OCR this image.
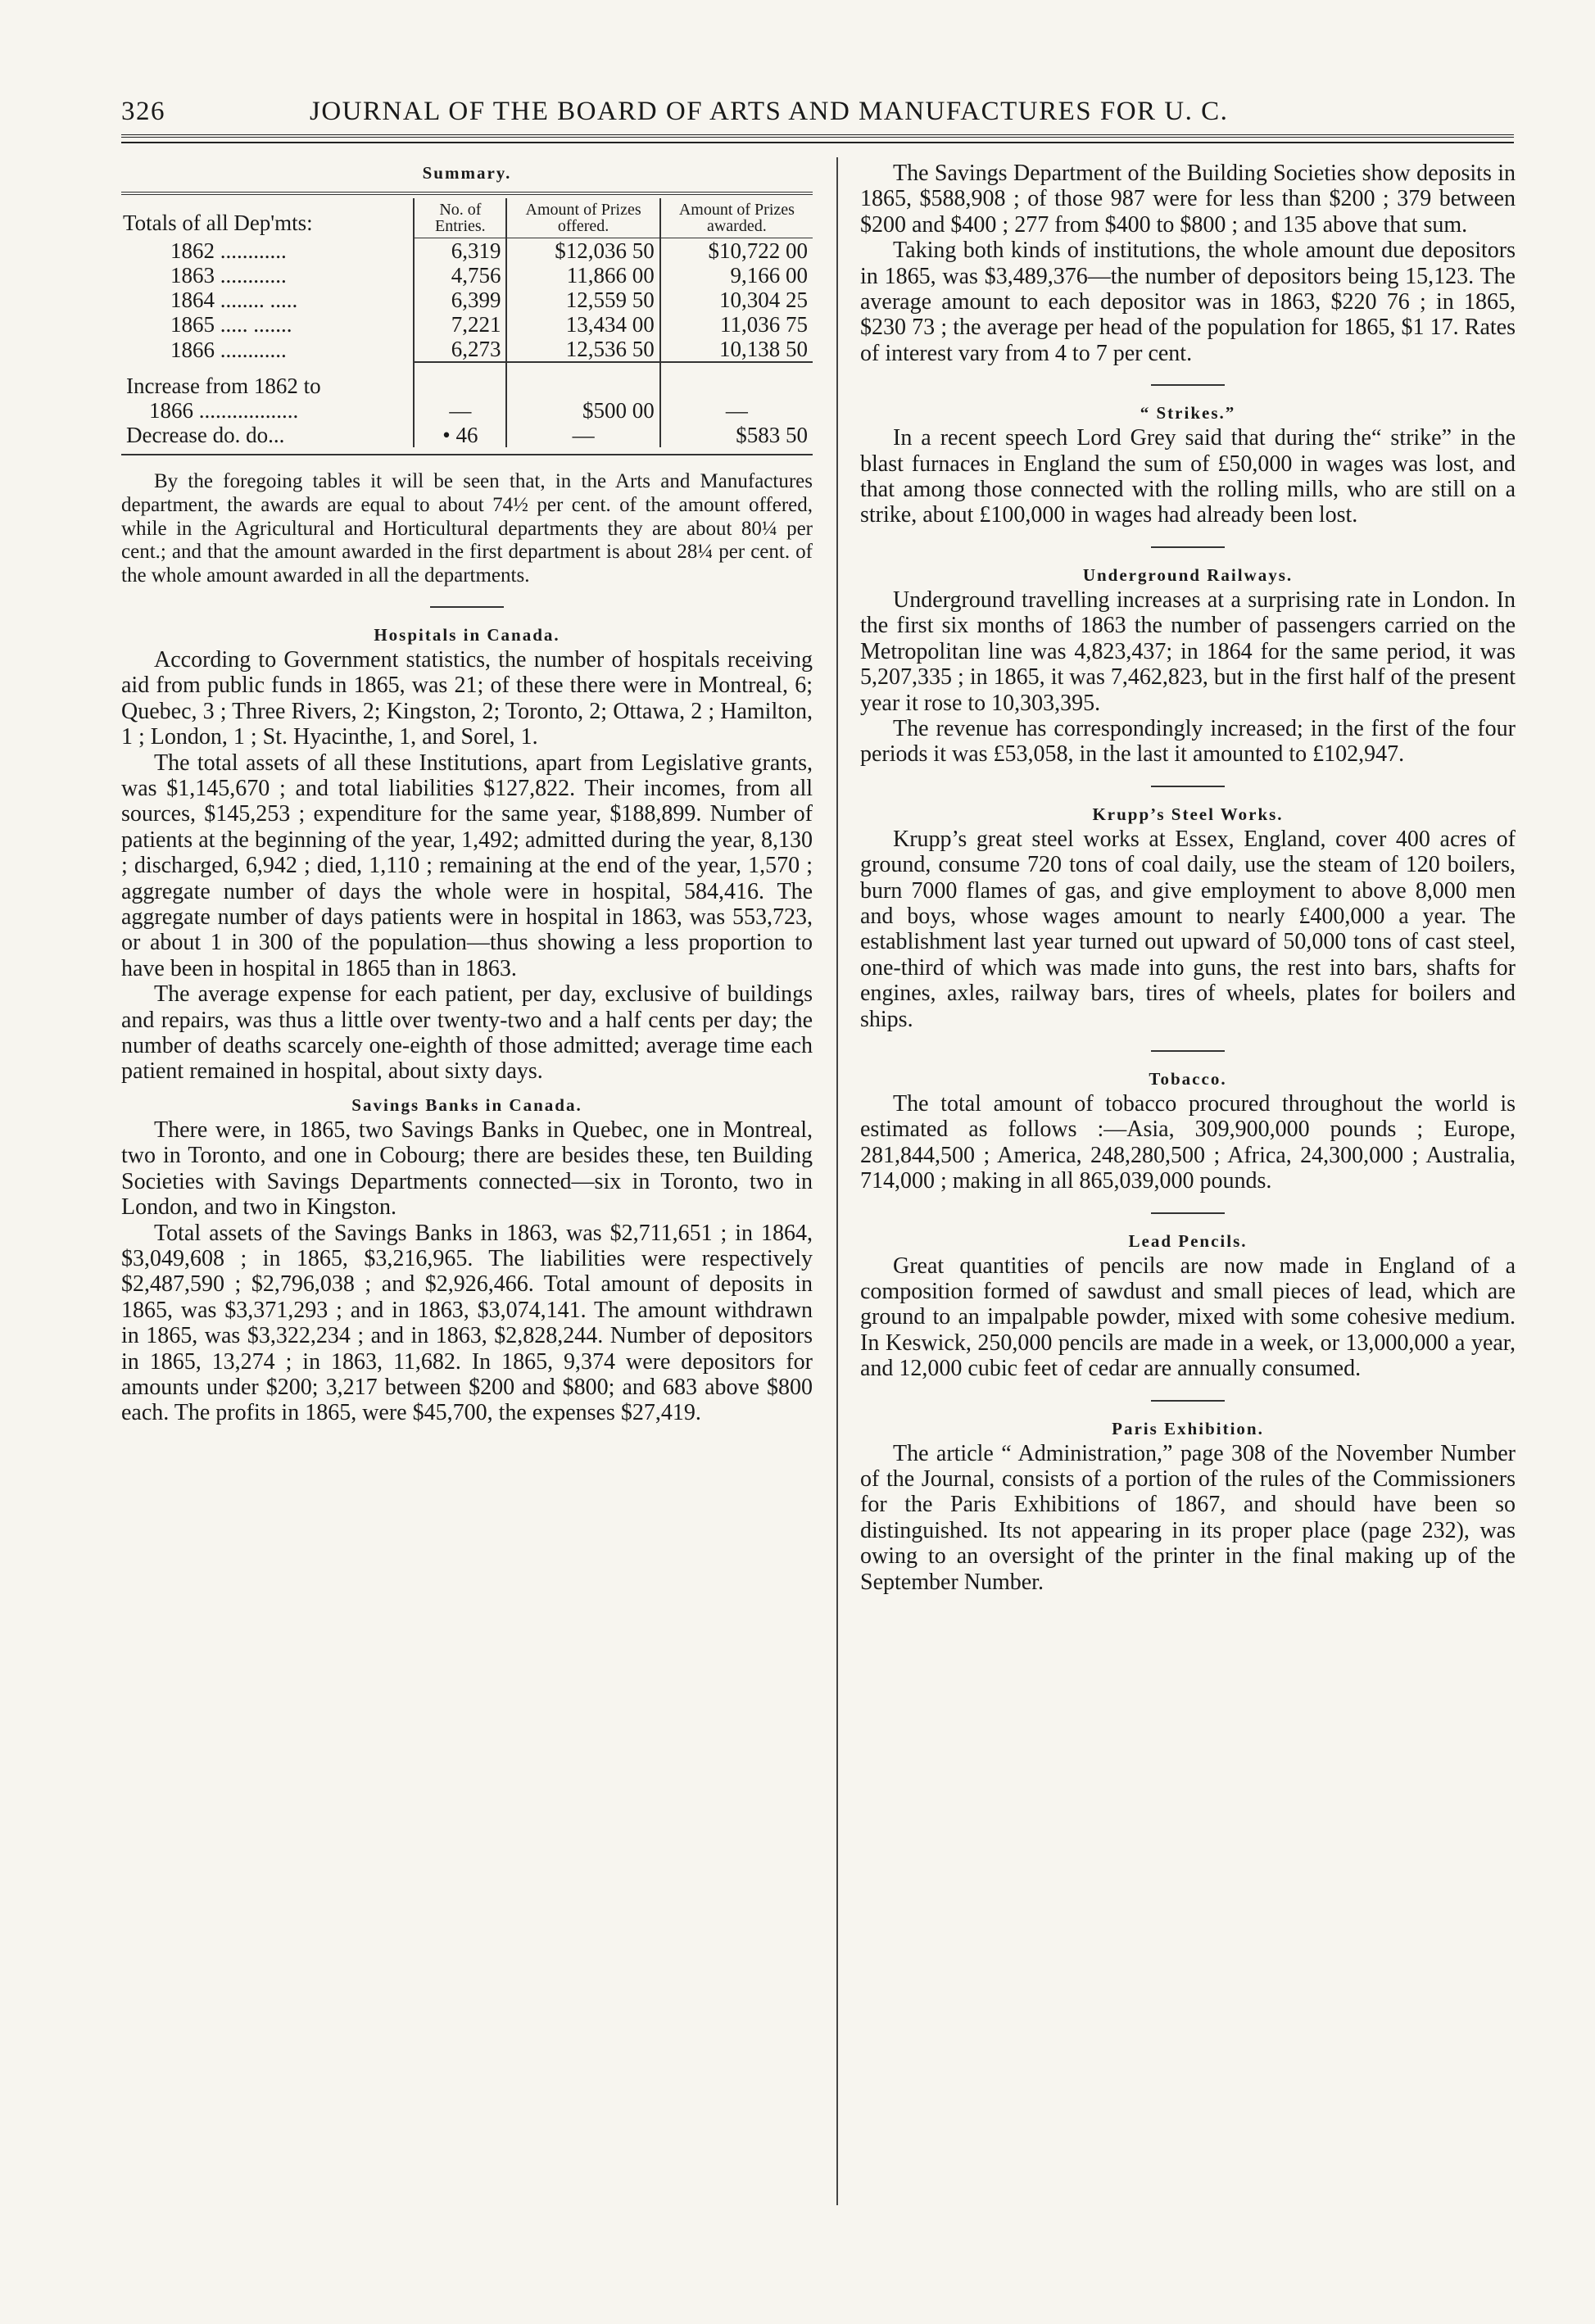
326	JOURNAL OF THE BOARD OF ARTS AND MANUFACTURES FOR U. C.
Summary.
Totals of all Dep'mts:	No. of Entries.	Amount of Prizes offered.	Amount of Prizes awarded.
1862 ............	6,319	$12,036 50	$10,722 00
1863 ............	4,756	11,866 00	9,166 00
1864 ........ .....	6,399	12,559 50	10,304 25
1865 ..... .......	7,221	13,434 00	11,036 75
1866 ............	6,273	12,536 50	10,138 50

Increase from 1862 to			
1866 ..................	—	$500 00	—
Decrease do. do...	• 46	—	$583 50

By the foregoing tables it will be seen that, in the Arts and Manufactures department, the awards are equal to about 74½ per cent. of the amount offered, while in the Agricultural and Horticultural departments they are about 80¼ per cent.; and that the amount awarded in the first department is about 28¼ per cent. of the whole amount awarded in all the departments.

Hospitals in Canada.

According to Government statistics, the number of hospitals receiving aid from public funds in 1865, was 21; of these there were in Montreal, 6; Quebec, 3 ; Three Rivers, 2; Kingston, 2; Toronto, 2; Ottawa, 2 ; Hamilton, 1 ; London, 1 ; St. Hyacinthe, 1, and Sorel, 1.

The total assets of all these Institutions, apart from Legislative grants, was $1,145,670 ; and total liabilities $127,822. Their incomes, from all sources, $145,253 ; expenditure for the same year, $188,899. Number of patients at the beginning of the year, 1,492; admitted during the year, 8,130 ; discharged, 6,942 ; died, 1,110 ; remaining at the end of the year, 1,570 ; aggregate number of days the whole were in hospital, 584,416. The aggregate number of days patients were in hospital in 1863, was 553,723, or about 1 in 300 of the population—thus showing a less proportion to have been in hospital in 1865 than in 1863.

The average expense for each patient, per day, exclusive of buildings and repairs, was thus a little over twenty-two and a half cents per day; the number of deaths scarcely one-eighth of those admitted; average time each patient remained in hospital, about sixty days.

Savings Banks in Canada.

There were, in 1865, two Savings Banks in Quebec, one in Montreal, two in Toronto, and one in Cobourg; there are besides these, ten Building Societies with Savings Departments connected—six in Toronto, two in London, and two in Kingston.

Total assets of the Savings Banks in 1863, was $2,711,651 ; in 1864, $3,049,608 ; in 1865, $3,216,965. The liabilities were respectively $2,487,590 ; $2,796,038 ; and $2,926,466. Total amount of deposits in 1865, was $3,371,293 ; and in 1863, $3,074,141. The amount withdrawn in 1865, was $3,322,234 ; and in 1863, $2,828,244. Number of depositors in 1865, 13,274 ; in 1863, 11,682. In 1865, 9,374 were depositors for amounts under $200; 3,217 between $200 and $800; and 683 above $800 each. The profits in 1865, were $45,700, the expenses $27,419.

The Savings Department of the Building Societies show deposits in 1865, $588,908 ; of those 987 were for less than $200 ; 379 between $200 and $400 ; 277 from $400 to $800 ; and 135 above that sum.

Taking both kinds of institutions, the whole amount due depositors in 1865, was $3,489,376—the number of depositors being 15,123. The average amount to each depositor was in 1863, $220 76 ; in 1865, $230 73 ; the average per head of the population for 1865, $1 17. Rates of interest vary from 4 to 7 per cent.

“ Strikes.”

In a recent speech Lord Grey said that during the“ strike” in the blast furnaces in England the sum of £50,000 in wages was lost, and that among those connected with the rolling mills, who are still on a strike, about £100,000 in wages had already been lost.

Underground Railways.

Underground travelling increases at a surprising rate in London. In the first six months of 1863 the number of passengers carried on the Metropolitan line was 4,823,437; in 1864 for the same period, it was 5,207,335 ; in 1865, it was 7,462,823, but in the first half of the present year it rose to 10,303,395.

The revenue has correspondingly increased; in the first of the four periods it was £53,058, in the last it amounted to £102,947.

Krupp’s Steel Works.

Krupp’s great steel works at Essex, England, cover 400 acres of ground, consume 720 tons of coal daily, use the steam of 120 boilers, burn 7000 flames of gas, and give employment to above 8,000 men and boys, whose wages amount to nearly £400,000 a year. The establishment last year turned out upward of 50,000 tons of cast steel, one-third of which was made into guns, the rest into bars, shafts for engines, axles, railway bars, tires of wheels, plates for boilers and ships.

Tobacco.

The total amount of tobacco procured throughout the world is estimated as follows :—Asia, 309,900,000 pounds ; Europe, 281,844,500 ; America, 248,280,500 ; Africa, 24,300,000 ; Australia, 714,000 ; making in all 865,039,000 pounds.

Lead Pencils.

Great quantities of pencils are now made in England of a composition formed of sawdust and small pieces of lead, which are ground to an impalpable powder, mixed with some cohesive medium. In Keswick, 250,000 pencils are made in a week, or 13,000,000 a year, and 12,000 cubic feet of cedar are annually consumed.

Paris Exhibition.

The article “ Administration,” page 308 of the November Number of the Journal, consists of a portion of the rules of the Commissioners for the Paris Exhibitions of 1867, and should have been so distinguished. Its not appearing in its proper place (page 232), was owing to an oversight of the printer in the final making up of the September Number.
